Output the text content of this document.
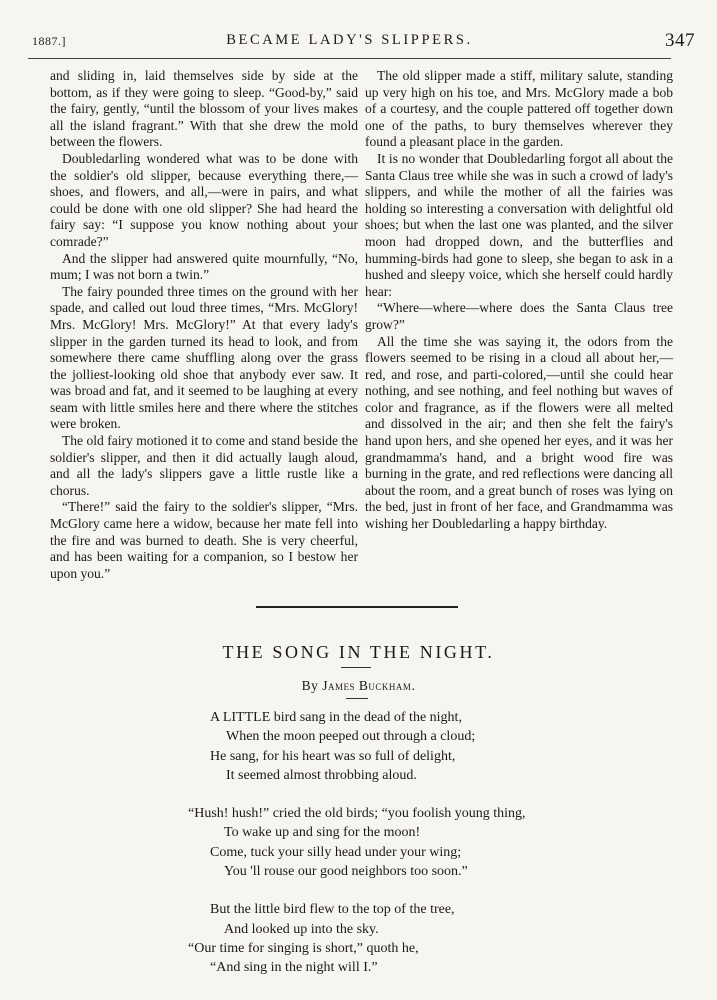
1887.]	BECAME LADY'S SLIPPERS.	347

and sliding in, laid themselves side by side at the bottom, as if they were going to sleep. “Good-by,” said the fairy, gently, “until the blossom of your lives makes all the island fragrant.” With that she drew the mold between the flowers.

Doubledarling wondered what was to be done with the soldier's old slipper, because everything there,—shoes, and flowers, and all,—were in pairs, and what could be done with one old slipper? She had heard the fairy say: “I suppose you know nothing about your comrade?”

And the slipper had answered quite mournfully, “No, mum; I was not born a twin.”

The fairy pounded three times on the ground with her spade, and called out loud three times, “Mrs. McGlory! Mrs. McGlory! Mrs. McGlory!” At that every lady's slipper in the garden turned its head to look, and from somewhere there came shuffling along over the grass the jolliest-looking old shoe that anybody ever saw. It was broad and fat, and it seemed to be laughing at every seam with little smiles here and there where the stitches were broken.

The old fairy motioned it to come and stand beside the soldier's slipper, and then it did actually laugh aloud, and all the lady's slippers gave a little rustle like a chorus.

“There!” said the fairy to the soldier's slipper, “Mrs. McGlory came here a widow, because her mate fell into the fire and was burned to death. She is very cheerful, and has been waiting for a companion, so I bestow her upon you.”

The old slipper made a stiff, military salute, standing up very high on his toe, and Mrs. McGlory made a bob of a courtesy, and the couple pattered off together down one of the paths, to bury themselves wherever they found a pleasant place in the garden.

It is no wonder that Doubledarling forgot all about the Santa Claus tree while she was in such a crowd of lady's slippers, and while the mother of all the fairies was holding so interesting a conversation with delightful old shoes; but when the last one was planted, and the silver moon had dropped down, and the butterflies and humming-birds had gone to sleep, she began to ask in a hushed and sleepy voice, which she herself could hardly hear:

“Where—where—where does the Santa Claus tree grow?”

All the time she was saying it, the odors from the flowers seemed to be rising in a cloud all about her,—red, and rose, and parti-colored,—until she could hear nothing, and see nothing, and feel nothing but waves of color and fragrance, as if the flowers were all melted and dissolved in the air; and then she felt the fairy's hand upon hers, and she opened her eyes, and it was her grandmamma's hand, and a bright wood fire was burning in the grate, and red reflections were dancing all about the room, and a great bunch of roses was lying on the bed, just in front of her face, and Grandmamma was wishing her Doubledarling a happy birthday.

THE SONG IN THE NIGHT.
By James Buckham.
A LITTLE bird sang in the dead of the night,
When the moon peeped out through a cloud;
He sang, for his heart was so full of delight,
It seemed almost throbbing aloud.
“Hush! hush!” cried the old birds; “you foolish young thing,
To wake up and sing for the moon!
Come, tuck your silly head under your wing;
You 'll rouse our good neighbors too soon.”
But the little bird flew to the top of the tree,
And looked up into the sky.
“Our time for singing is short,” quoth he,
“And sing in the night will I.”
